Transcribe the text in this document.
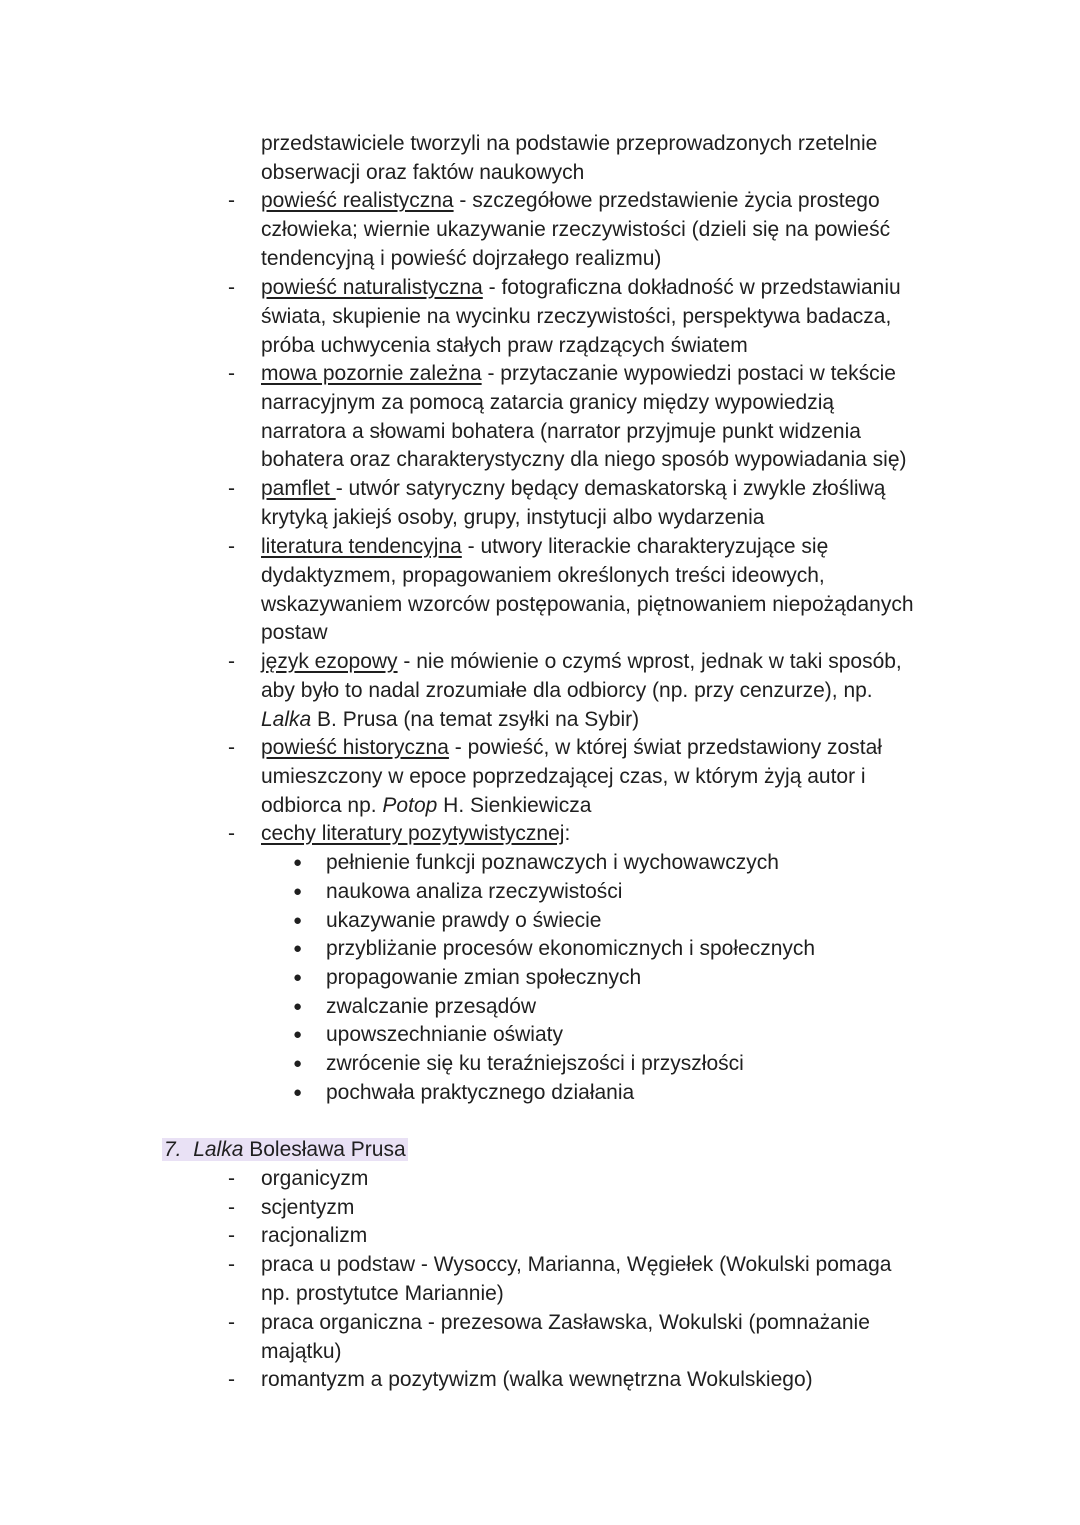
przedstawiciele tworzyli na podstawie przeprowadzonych rzetelnie
obserwacji oraz faktów naukowych
-	powieść realistyczna - szczegółowe przedstawienie życia prostego
człowieka; wiernie ukazywanie rzeczywistości (dzieli się na powieść
tendencyjną i powieść dojrzałego realizmu)
-	powieść naturalistyczna - fotograficzna dokładność w przedstawianiu
świata, skupienie na wycinku rzeczywistości, perspektywa badacza,
próba uchwycenia stałych praw rządzących światem
-	mowa pozornie zależna - przytaczanie wypowiedzi postaci w tekście
narracyjnym za pomocą zatarcia granicy między wypowiedzią
narratora a słowami bohatera (narrator przyjmuje punkt widzenia
bohatera oraz charakterystyczny dla niego sposób wypowiadania się)
-	pamflet - utwór satyryczny będący demaskatorską i zwykle złośliwą
krytyką jakiejś osoby, grupy, instytucji albo wydarzenia
-	literatura tendencyjna - utwory literackie charakteryzujące się
dydaktyzmem, propagowaniem określonych treści ideowych,
wskazywaniem wzorców postępowania, piętnowaniem niepożądanych
postaw
-	język ezopowy - nie mówienie o czymś wprost, jednak w taki sposób,
aby było to nadal zrozumiałe dla odbiorcy (np. przy cenzurze), np.
Lalka B. Prusa (na temat zsyłki na Sybir)
-	powieść historyczna - powieść, w której świat przedstawiony został
umieszczony w epoce poprzedzającej czas, w którym żyją autor i
odbiorca np. Potop H. Sienkiewicza
-	cechy literatury pozytywistycznej:
● pełnienie funkcji poznawczych i wychowawczych
● naukowa analiza rzeczywistości
● ukazywanie prawdy o świecie
● przybliżanie procesów ekonomicznych i społecznych
● propagowanie zmian społecznych
● zwalczanie przesądów
● upowszechnianie oświaty
● zwrócenie się ku teraźniejszości i przyszłości
● pochwała praktycznego działania
7. Lalka Bolesława Prusa
-	organicyzm
-	scjentyzm
-	racjonalizm
-	praca u podstaw - Wysoccy, Marianna, Węgiełek (Wokulski pomaga
np. prostytutce Mariannie)
-	praca organiczna - prezesowa Zasławska, Wokulski (pomnażanie
majątku)
-	romantyzm a pozytywizm (walka wewnętrzna Wokulskiego)
